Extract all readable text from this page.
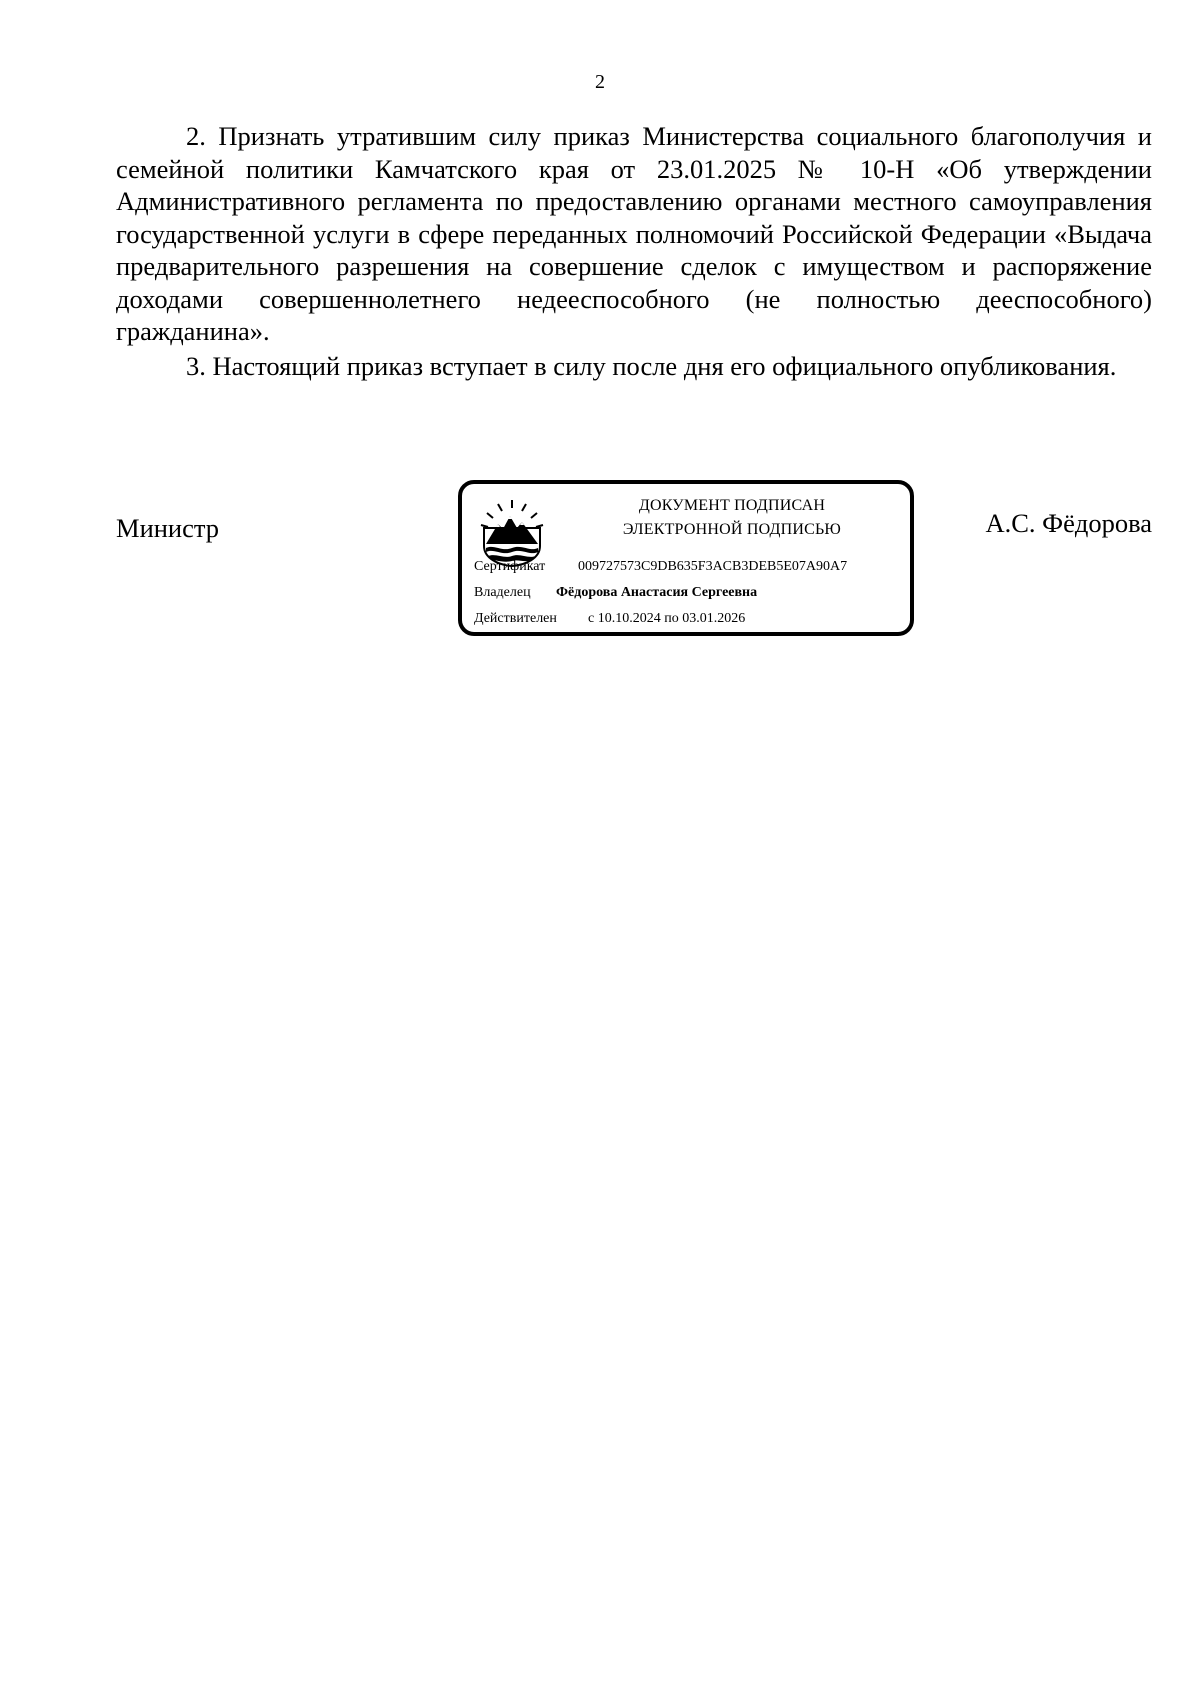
2

2. Признать утратившим силу приказ Министерства социального благополучия и семейной политики Камчатского края от 23.01.2025 № 10-Н «Об утверждении Административного регламента по предоставлению органами местного самоуправления государственной услуги в сфере переданных полномочий Российской Федерации «Выдача предварительного разрешения на совершение сделок с имуществом и распоряжение доходами совершеннолетнего недееспособного (не полностью дееспособного) гражданина».

3. Настоящий приказ вступает в силу после дня его официального опубликования.

Министр	А.С. Фёдорова
ДОКУМЕНТ ПОДПИСАН
ЭЛЕКТРОННОЙ ПОДПИСЬЮ
Сертификат 009727573C9DB635F3ACB3DEB5E07A90A7
Владелец Фёдорова Анастасия Сергеевна
Действителен с 10.10.2024 по 03.01.2026
